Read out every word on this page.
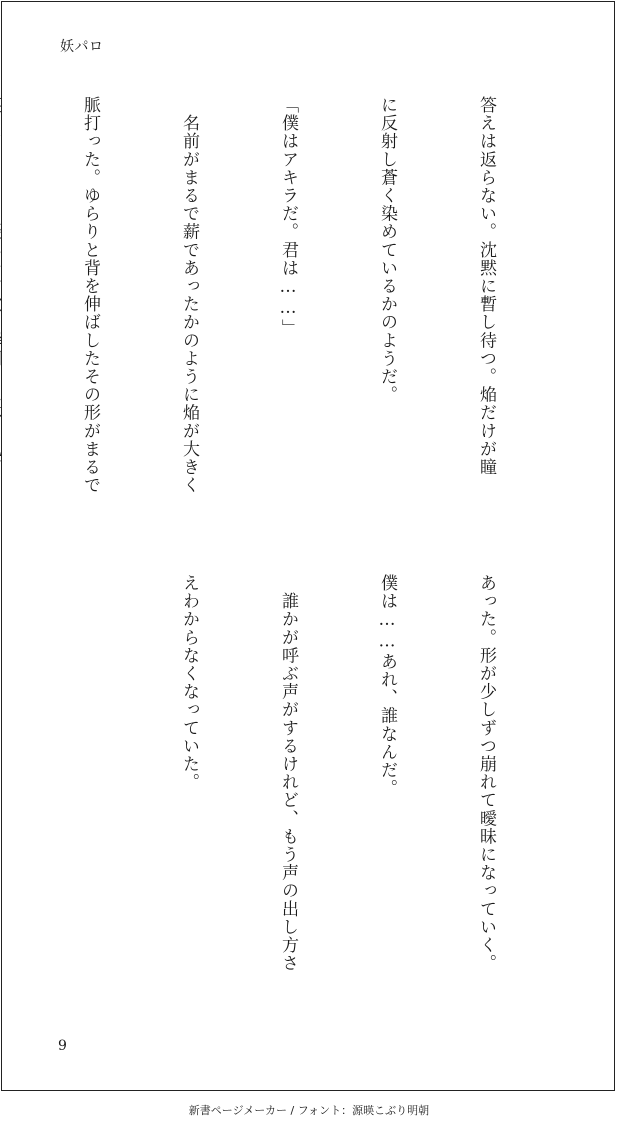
妖パロ

答えは返らない。沈黙に暫し待つ。焔だけが瞳

に反射し蒼く染めているかのようだ。

「僕はアキラだ。君は……」

　名前がまるで薪であったかのように焔が大きく

脈打った。ゆらりと背を伸ばしたその形がまるで

あった。形が少しずつ崩れて曖昧になっていく。

僕は……あれ、誰なんだ。

　誰かが呼ぶ声がするけれど、もう声の出し方さ

えわからなくなっていた。

9
新書ページメーカー / フォント：源暎こぶり明朝
